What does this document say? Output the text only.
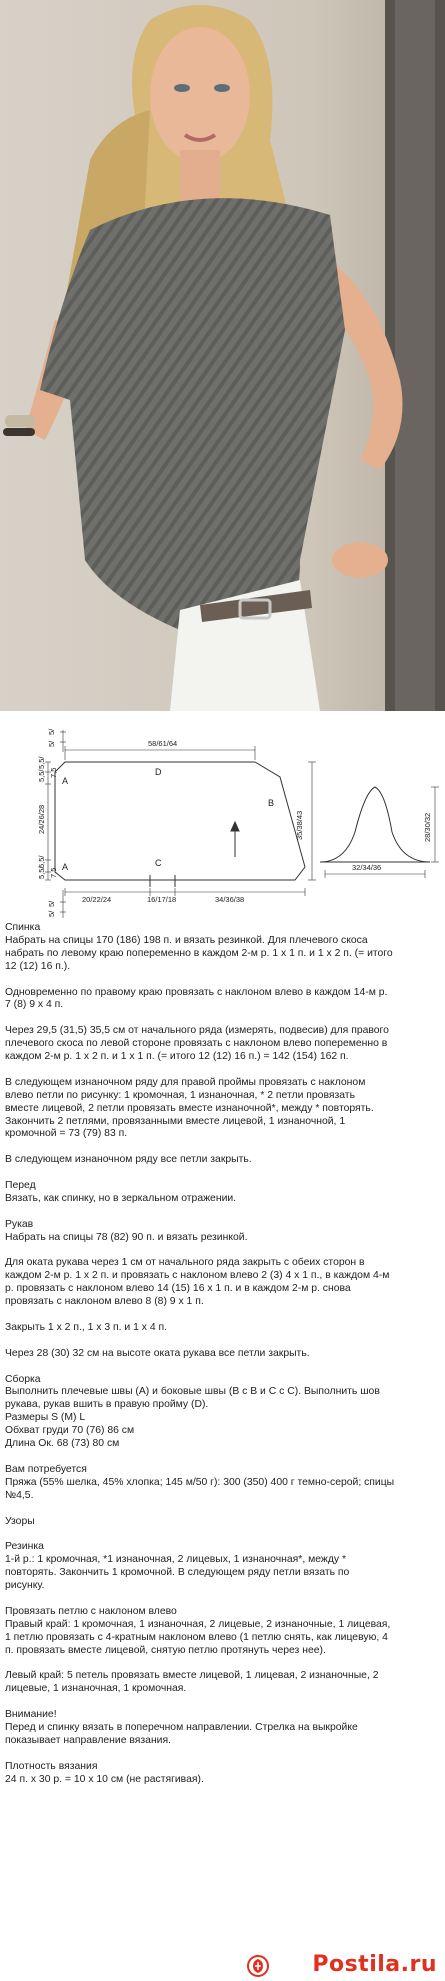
5/
5/	58/61/64
5,5/
5,5/ 7,5
24/26/28
5,5/
5,5/ 7,5
20/22/24	16/17/18	34/36/38
5/
5/
35/38/43
A
A
B
C
D
32/34/36
28/30/32

Спинка
Набрать на спицы 170 (186) 198 п. и вязать резинкой. Для плечевого скоса
набрать по левому краю попеременно в каждом 2-м р. 1 х 1 п. и 1 х 2 п. (= итого
12 (12) 16 п.).

Одновременно по правому краю провязать с наклоном влево в каждом 14-м р.
7 (8) 9 х 4 п.

Через 29,5 (31,5) 35,5 см от начального ряда (измерять, подвесив) для правого
плечевого скоса по левой стороне провязать с наклоном влево попеременно в
каждом 2-м р. 1 х 2 п. и 1 х 1 п. (= итого 12 (12) 16 п.) = 142 (154) 162 п.

В следующем изнаночном ряду для правой проймы провязать с наклоном
влево петли по рисунку: 1 кромочная, 1 изнаночная, * 2 петли провязать
вместе лицевой, 2 петли провязать вместе изнаночной*, между * повторять.
Закончить 2 петлями, провязанными вместе лицевой, 1 изнаночной, 1
кромочной = 73 (79) 83 п.

В следующем изнаночном ряду все петли закрыть.

Перед
Вязать, как спинку, но в зеркальном отражении.

Рукав
Набрать на спицы 78 (82) 90 п. и вязать резинкой.

Для оката рукава через 1 см от начального ряда закрыть с обеих сторон в
каждом 2-м р. 1 х 2 п. и провязать с наклоном влево 2 (3) 4 х 1 п., в каждом 4-м
р. провязать с наклоном влево 14 (15) 16 х 1 п. и в каждом 2-м р. снова
провязать с наклоном влево 8 (8) 9 х 1 п.

Закрыть 1 х 2 п., 1 х 3 п. и 1 х 4 п.

Через 28 (30) 32 см на высоте оката рукава все петли закрыть.

Сборка
Выполнить плечевые швы (A) и боковые швы (B с B и C с C). Выполнить шов
рукава, рукав вшить в правую пройму (D).
Размеры S (M) L
Обхват груди 70 (76) 86 см
Длина Ок. 68 (73) 80 см

Вам потребуется
Пряжа (55% шелка, 45% хлопка; 145 м/50 г): 300 (350) 400 г темно-серой; спицы
№4,5.

Узоры

Резинка
1-й р.: 1 кромочная, *1 изнаночная, 2 лицевых, 1 изнаночная*, между *
повторять. Закончить 1 кромочной. В следующем ряду петли вязать по
рисунку.

Провязать петлю с наклоном влево
Правый край: 1 кромочная, 1 изнаночная, 2 лицевые, 2 изнаночные, 1 лицевая,
1 петлю провязать с 4-кратным наклоном влево (1 петлю снять, как лицевую, 4
п. провязать вместе лицевой, снятую петлю протянуть через нее).

Левый край: 5 петель провязать вместе лицевой, 1 лицевая, 2 изнаночные, 2
лицевые, 1 изнаночная, 1 кромочная.

Внимание!
Перед и спинку вязать в поперечном направлении. Стрелка на выкройке
показывает направление вязания.

Плотность вязания
24 п. х 30 р. = 10 х 10 см (не растягивая).

Postila.ru
